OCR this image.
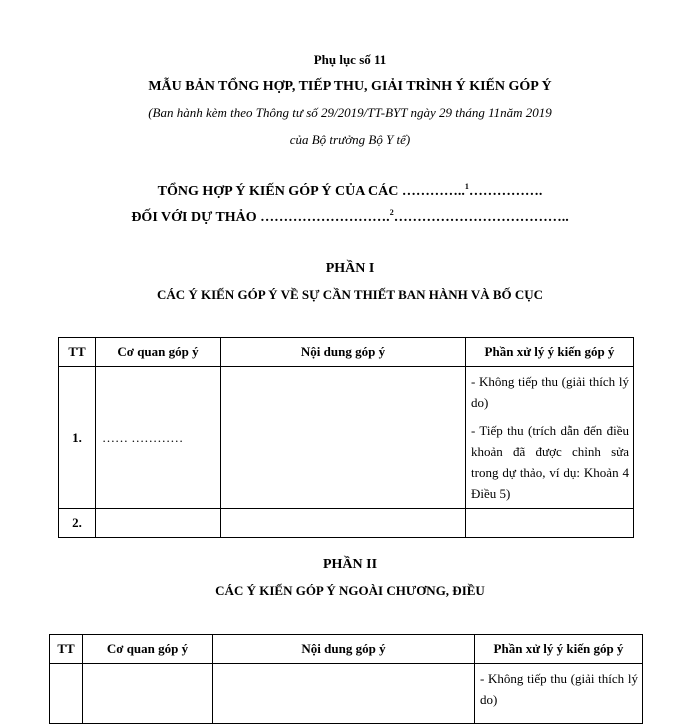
Phụ lục số 11
MẪU BẢN TỔNG HỢP, TIẾP THU, GIẢI TRÌNH Ý KIẾN GÓP Ý
(Ban hành kèm theo Thông tư số 29/2019/TT-BYT ngày 29 tháng 11năm 2019
của Bộ trưởng Bộ Y tế)
TỔNG HỢP Ý KIẾN GÓP Ý CỦA CÁC …………..$^1$…………….
ĐỐI VỚI DỰ THẢO ……………………….$^2$………………………………..
PHẦN I
CÁC Ý KIẾN GÓP Ý VỀ SỰ CẦN THIẾT BAN HÀNH VÀ BỐ CỤC
TT	Cơ quan góp ý	Nội dung góp ý	Phần xử lý ý kiến góp ý
1.	…… …………		- Không tiếp thu (giải thích lý do)

- Tiếp thu (trích dẫn đến điều khoản đã được chỉnh sửa trong dự thảo, ví dụ: Khoản 4 Điều 5)

2.			
PHẦN II
CÁC Ý KIẾN GÓP Ý NGOÀI CHƯƠNG, ĐIỀU
TT	Cơ quan góp ý	Nội dung góp ý	Phần xử lý ý kiến góp ý

			- Không tiếp thu (giải thích lý do)
